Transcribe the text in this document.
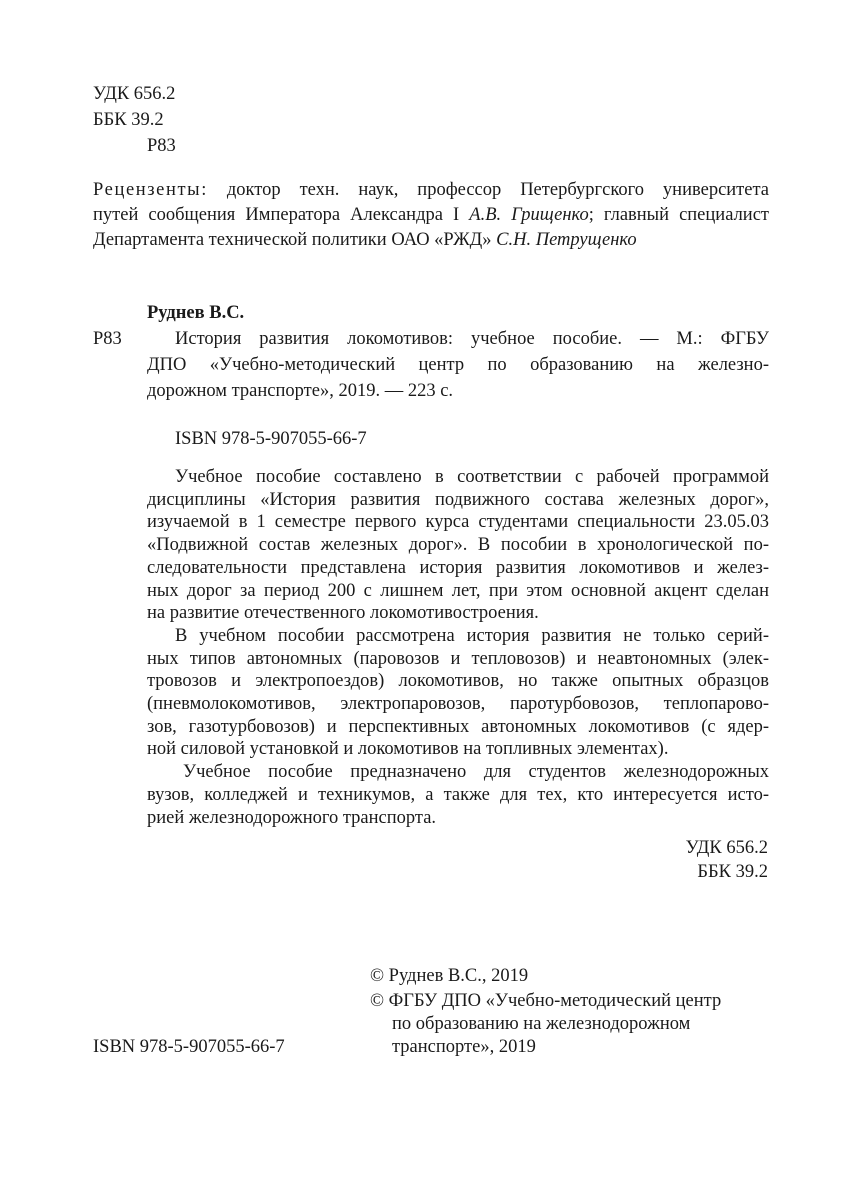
УДК 656.2
ББК 39.2
Р83
Рецензенты: доктор техн. наук, профессор Петербургского университета
путей сообщения Императора Александра I А.В. Грищенко; главный специалист
Департамента технической политики ОАО «РЖД» С.Н. Петрущенко
Руднев В.С.
Р83	История развития локомотивов: учебное пособие. — М.: ФГБУ
ДПО «Учебно-методический центр по образованию на железно-
дорожном транспорте», 2019. — 223 с.
ISBN 978-5-907055-66-7
Учебное пособие составлено в соответствии с рабочей программой
дисциплины «История развития подвижного состава железных дорог»,
изучаемой в 1 семестре первого курса студентами специальности 23.05.03
«Подвижной состав железных дорог». В пособии в хронологической по-
следовательности представлена история развития локомотивов и желез-
ных дорог за период 200 с лишнем лет, при этом основной акцент сделан
на развитие отечественного локомотивостроения.
В учебном пособии рассмотрена история развития не только серий-
ных типов автономных (паровозов и тепловозов) и неавтономных (элек-
тровозов и электропоездов) локомотивов, но также опытных образцов
(пневмолокомотивов, электропаровозов, паротурбовозов, теплопарово-
зов, газотурбовозов) и перспективных автономных локомотивов (с ядер-
ной силовой установкой и локомотивов на топливных элементах).
Учебное пособие предназначено для студентов железнодорожных
вузов, колледжей и техникумов, а также для тех, кто интересуется исто-
рией железнодорожного транспорта.
УДК 656.2
ББК 39.2
© Руднев В.С., 2019
© ФГБУ ДПО «Учебно-методический центр
по образованию на железнодорожном
транспорте», 2019
ISBN 978-5-907055-66-7
